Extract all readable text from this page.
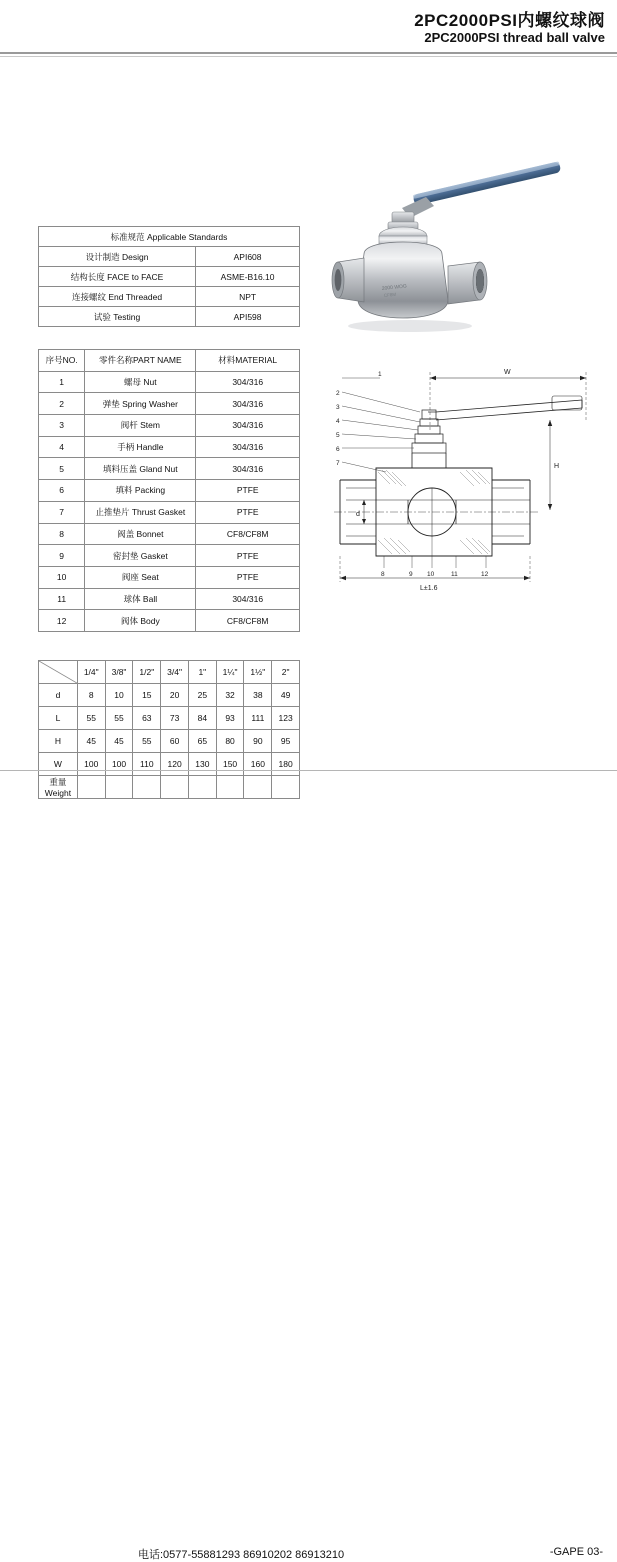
2PC2000PSI内螺纹球阀
2PC2000PSI thread ball valve
2000 WOG
CF8M
标准规范 Applicable Standards	
设计制造 Design	API608
结构长度 FACE to FACE	ASME-B16.10
连接螺纹 End Threaded	NPT
试验 Testing	API598
序号NO.	零件名称PART NAME	材料MATERIAL
1	螺母 Nut	304/316
2	弹垫 Spring Washer	304/316
3	阀杆 Stem	304/316
4	手柄 Handle	304/316
5	填料压盖 Gland Nut	304/316
6	填料 Packing	PTFE
7	止推垫片 Thrust Gasket	PTFE
8	阀盖 Bonnet	CF8/CF8M
9	密封垫 Gasket	PTFE
10	阀座 Seat	PTFE
11	球体 Ball	304/316
12	阀体 Body	CF8/CF8M
W
H
d
L±1.6
1
2
3
4
5
6
7
8	9 10	11	12
	1/4"	3/8"	1/2"	3/4"	1"	1¼"	1½"	2"
d	8	10	15	20	25	32	38	49
L	55	55	63	73	84	93	111	123
H	45	45	55	60	65	80	90	95
W	100	100	110	120	130	150	160	180
重量Weight								
电话:0577-55881293 86910202 86913210	-GAPE 03-
